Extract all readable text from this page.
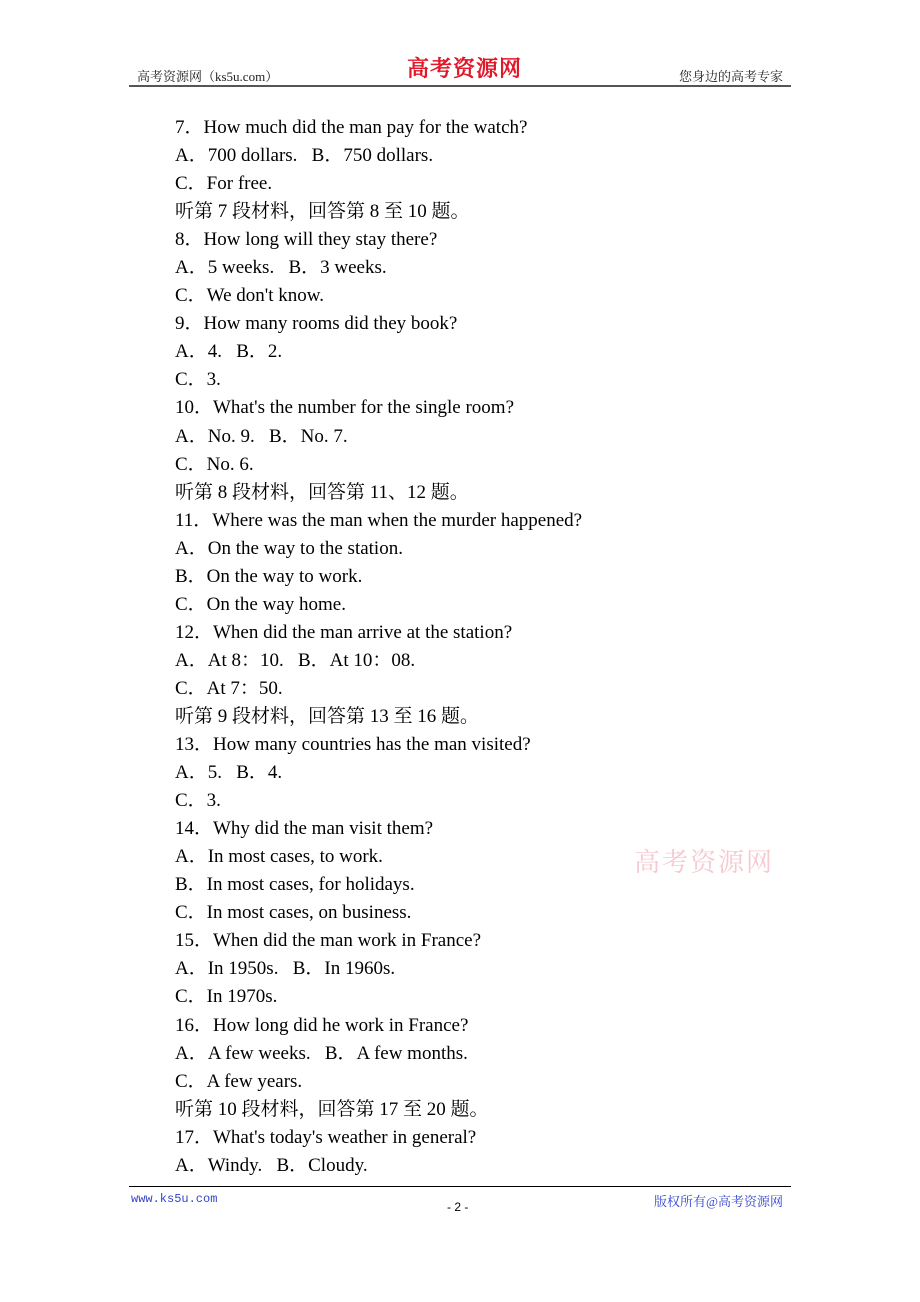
高考资源网（ks5u.com）	高考资源网	您身边的高考专家
7．How much did the man pay for the watch?
A．700 dollars.   B．750 dollars.
C．For free.
听第 7 段材料，回答第 8 至 10 题。
8．How long will they stay there?
A．5 weeks.   B．3 weeks.
C．We don't know.
9．How many rooms did they book?
A．4.   B．2.
C．3.
10．What's the number for the single room?
A．No. 9.   B．No. 7.
C．No. 6.
听第 8 段材料，回答第 11、12 题。
11．Where was the man when the murder happened?
A．On the way to the station.
B．On the way to work.
C．On the way home.
12．When did the man arrive at the station?
A．At 8：10.   B．At 10：08.
C．At 7：50.
听第 9 段材料，回答第 13 至 16 题。
13．How many countries has the man visited?
A．5.   B．4.
C．3.
14．Why did the man visit them?
A．In most cases, to work.
B．In most cases, for holidays.
C．In most cases, on business.
15．When did the man work in France?
A．In 1950s.   B．In 1960s.
C．In 1970s.
16．How long did he work in France?
A．A few weeks.   B．A few months.
C．A few years.
听第 10 段材料，回答第 17 至 20 题。
17．What's today's weather in general?
A．Windy.   B．Cloudy.
高考资源网
www.ks5u.com
- 2 -	版权所有@高考资源网
